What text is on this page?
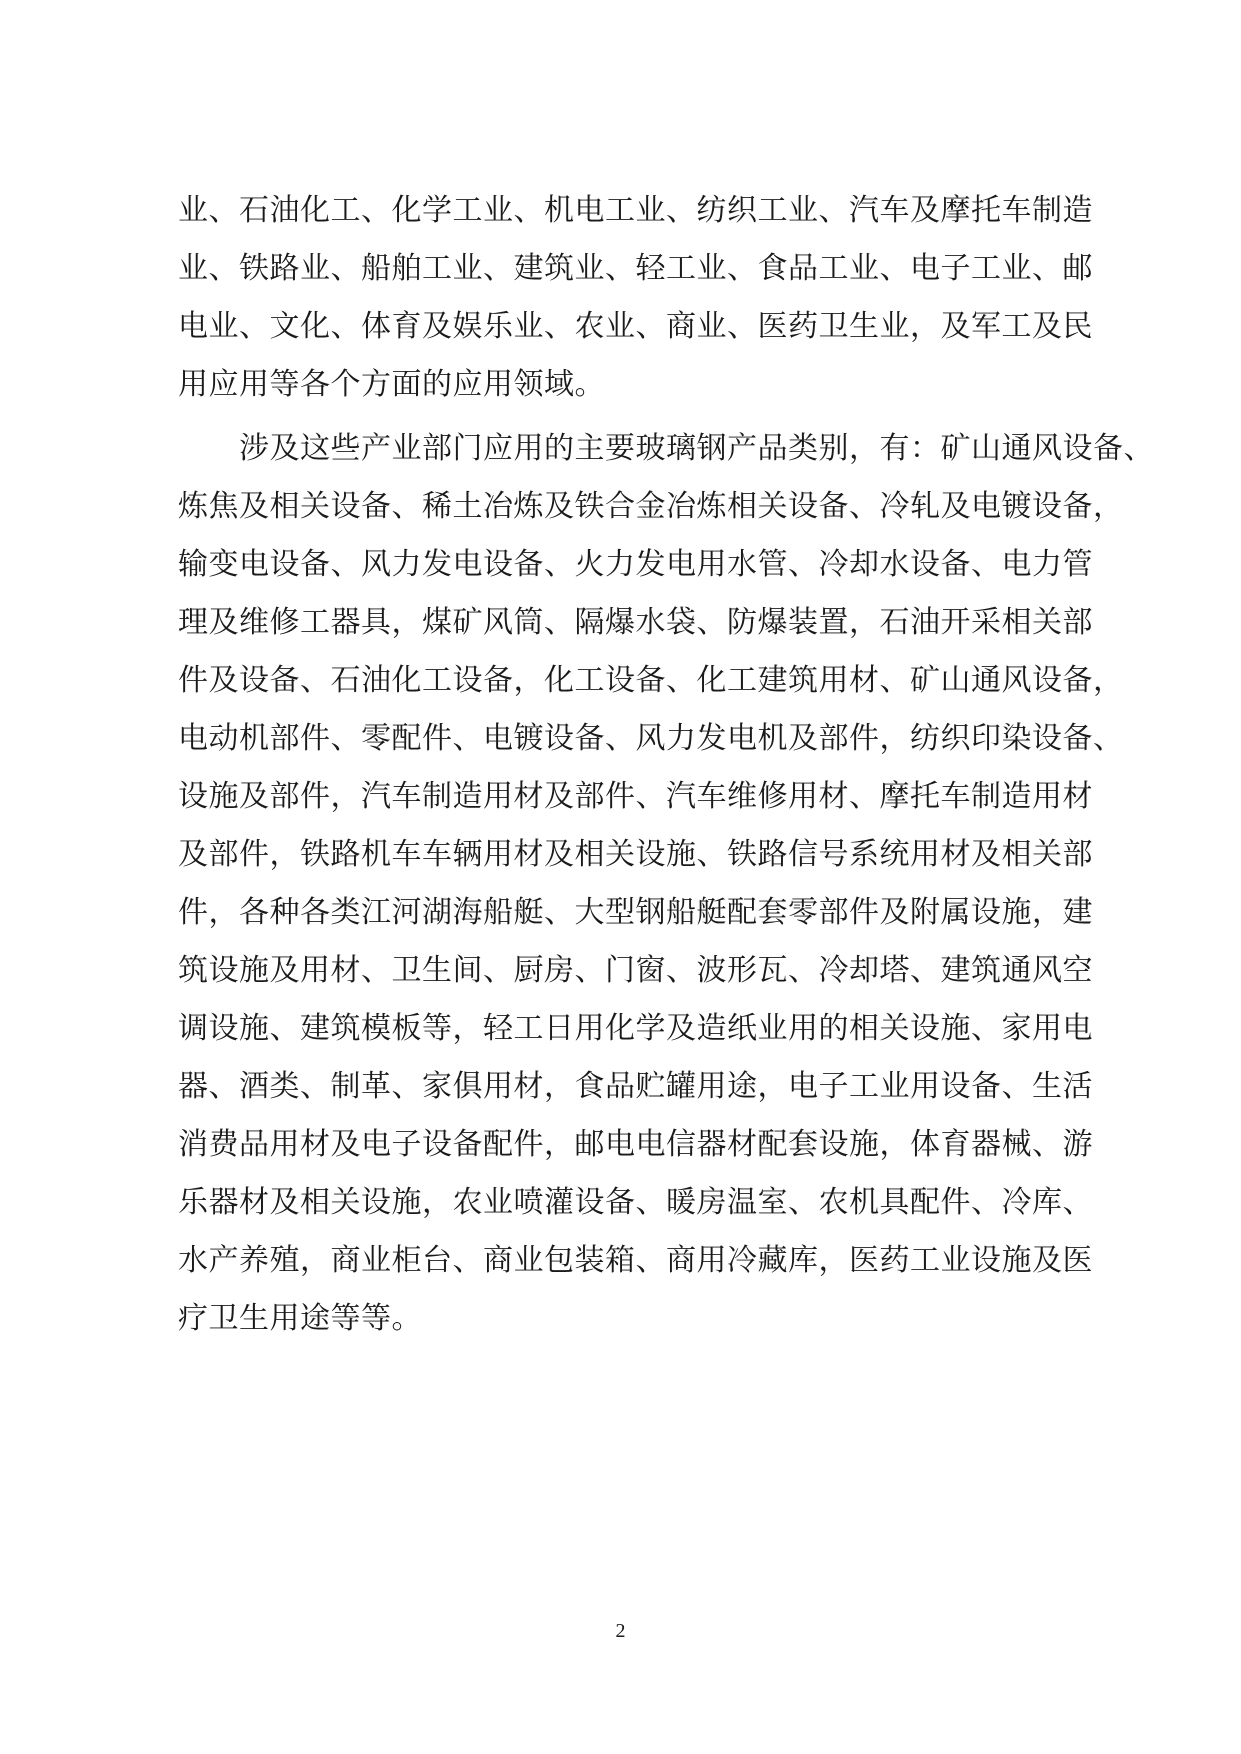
业、石油化工、化学工业、机电工业、纺织工业、汽车及摩托车制造
业、铁路业、船舶工业、建筑业、轻工业、食品工业、电子工业、邮
电业、文化、体育及娱乐业、农业、商业、医药卫生业，及军工及民
用应用等各个方面的应用领域。
　　涉及这些产业部门应用的主要玻璃钢产品类别，有：矿山通风设备、
炼焦及相关设备、稀土冶炼及铁合金冶炼相关设备、冷轧及电镀设备，
输变电设备、风力发电设备、火力发电用水管、冷却水设备、电力管
理及维修工器具，煤矿风筒、隔爆水袋、防爆装置，石油开采相关部
件及设备、石油化工设备，化工设备、化工建筑用材、矿山通风设备，
电动机部件、零配件、电镀设备、风力发电机及部件，纺织印染设备、
设施及部件，汽车制造用材及部件、汽车维修用材、摩托车制造用材
及部件，铁路机车车辆用材及相关设施、铁路信号系统用材及相关部
件，各种各类江河湖海船艇、大型钢船艇配套零部件及附属设施，建
筑设施及用材、卫生间、厨房、门窗、波形瓦、冷却塔、建筑通风空
调设施、建筑模板等，轻工日用化学及造纸业用的相关设施、家用电
器、酒类、制革、家俱用材，食品贮罐用途，电子工业用设备、生活
消费品用材及电子设备配件，邮电电信器材配套设施，体育器械、游
乐器材及相关设施，农业喷灌设备、暖房温室、农机具配件、冷库、
水产养殖，商业柜台、商业包装箱、商用冷藏库，医药工业设施及医
疗卫生用途等等。
2
